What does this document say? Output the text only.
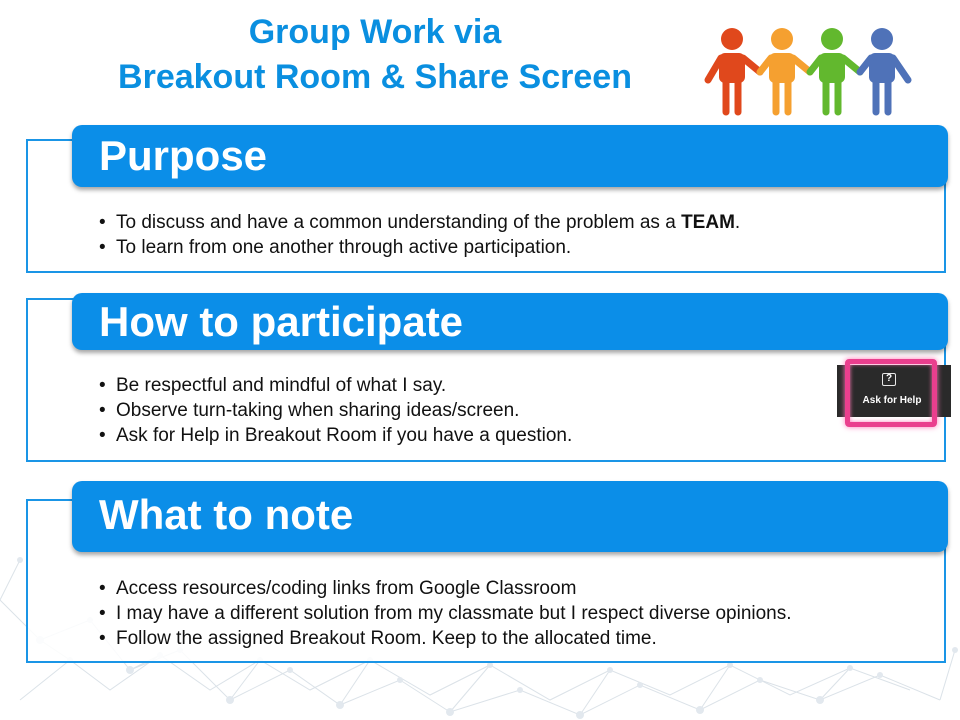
Group Work via
Breakout Room & Share Screen
Purpose
• To discuss and have a common understanding of the problem as a TEAM.
• To learn from one another through active participation.
How to participate
• Be respectful and mindful of what I say.
• Observe turn-taking when sharing ideas/screen.
• Ask for Help in Breakout Room if you have a question.
?
Ask for Help
What to note
• Access resources/coding links from Google Classroom
• I may have a different solution from my classmate but I respect diverse opinions.
• Follow the assigned Breakout Room. Keep to the allocated time.
